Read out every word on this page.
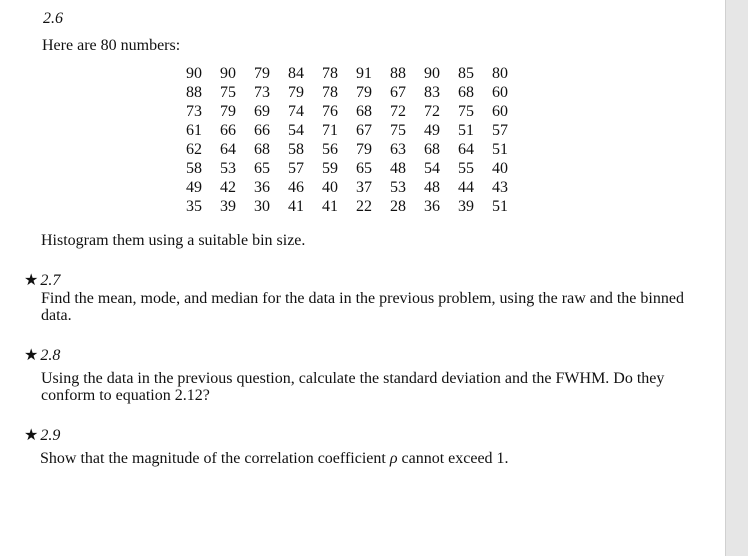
2.6
Here are 80 numbers:
90	90	79	84	78	91	88	90	85	80
88	75	73	79	78	79	67	83	68	60
73	79	69	74	76	68	72	72	75	60
61	66	66	54	71	67	75	49	51	57
62	64	68	58	56	79	63	68	64	51
58	53	65	57	59	65	48	54	55	40
49	42	36	46	40	37	53	48	44	43
35	39	30	41	41	22	28	36	39	51
Histogram them using a suitable bin size.
★ 2.7
Find the mean, mode, and median for the data in the previous problem, using the raw and the binned data.
★ 2.8
Using the data in the previous question, calculate the standard deviation and the FWHM. Do they conform to equation 2.12?
★ 2.9
Show that the magnitude of the correlation coefficient ρ cannot exceed 1.
